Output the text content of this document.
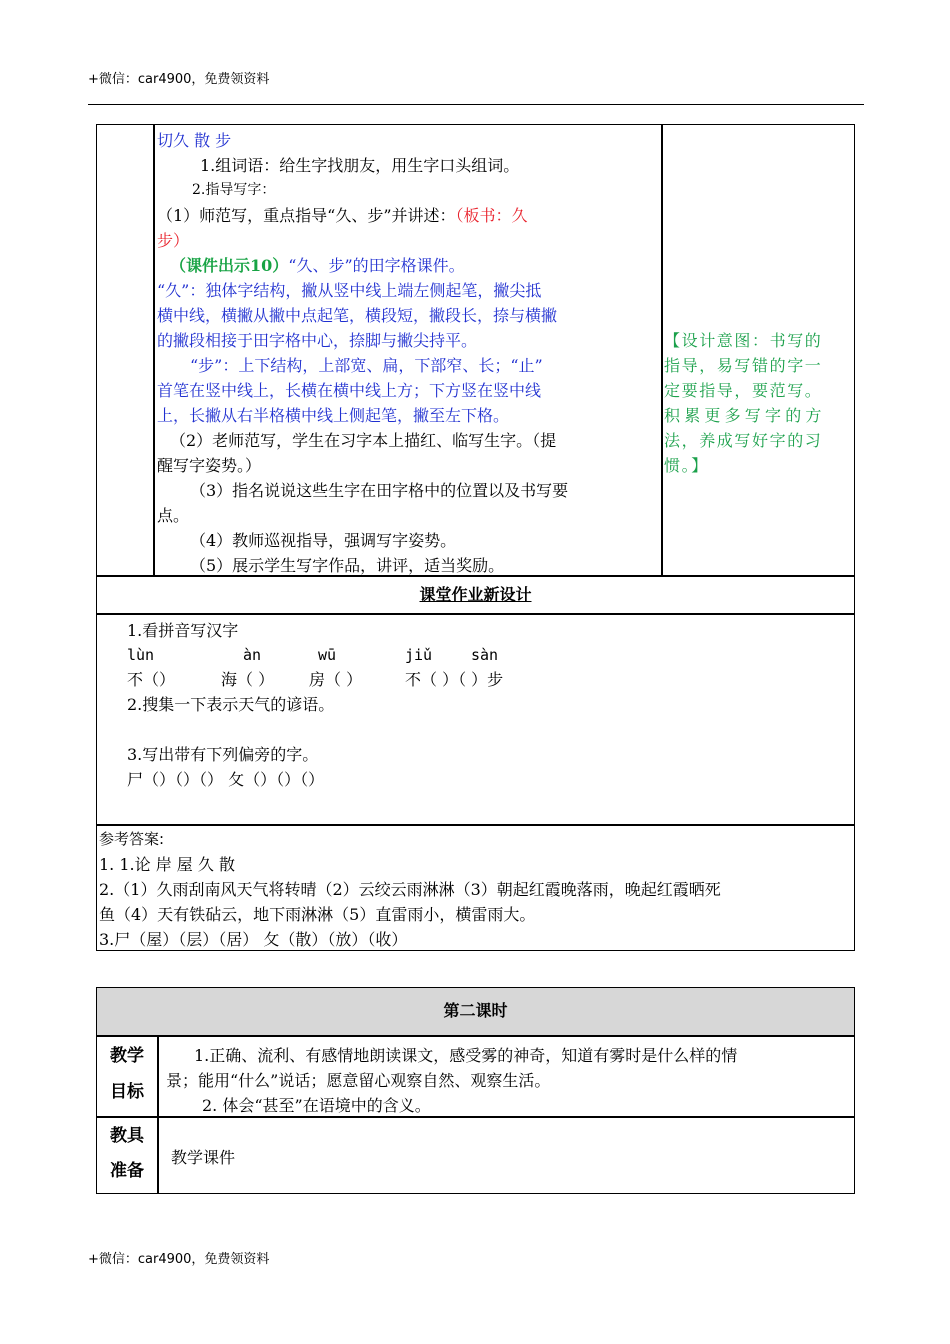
+微信：car4900，免费领资料
切久 散 步
1.组词语：给生字找朋友，用生字口头组词。
2.指导写字：
（1）师范写，重点指导“久、步”并讲述：（板书：久
步）
（课件出示10）“久、步”的田字格课件。
“久”：独体字结构，撇从竖中线上端左侧起笔，撇尖抵
横中线，横撇从撇中点起笔，横段短，撇段长，捺与横撇
的撇段相接于田字格中心，捺脚与撇尖持平。
“步”：上下结构，上部宽、扁，下部窄、长；“止”
首笔在竖中线上，长横在横中线上方；下方竖在竖中线
上，长撇从右半格横中线上侧起笔，撇至左下格。
（2）老师范写，学生在习字本上描红、临写生字。（提
醒写字姿势。）
（3）指名说说这些生字在田字格中的位置以及书写要
点。
（4）教师巡视指导，强调写字姿势。
（5）展示学生写字作品，讲评，适当奖励。
【设计意图：书写的
指导，易写错的字一
定要指导，要范写。
积累更多写字的方
法，养成写好字的习
惯。】
课堂作业新设计
1.看拼音写汉字
lùn	àn	wū	jiǔ	sàn
不（）	海（ ） 房（ ）	不（ ）（ ）步
2.搜集一下表示天气的谚语。
3.写出带有下列偏旁的字。
尸（）（）（） 攵（）（）（）
参考答案:
1. 1.论 岸 屋 久 散
2.（1）久雨刮南风天气将转晴（2）云绞云雨淋淋（3）朝起红霞晚落雨，晚起红霞晒死
鱼（4）天有铁砧云，地下雨淋淋（5）直雷雨小，横雷雨大。
3.尸（屋）（层）（居） 攵（散）（放）（收）
第二课时
教学
目标
1.正确、流利、有感情地朗读课文，感受雾的神奇，知道有雾时是什么样的情
景；能用“什么”说话；愿意留心观察自然、观察生活。
2. 体会“甚至”在语境中的含义。
教具
准备
教学课件
+微信：car4900，免费领资料
